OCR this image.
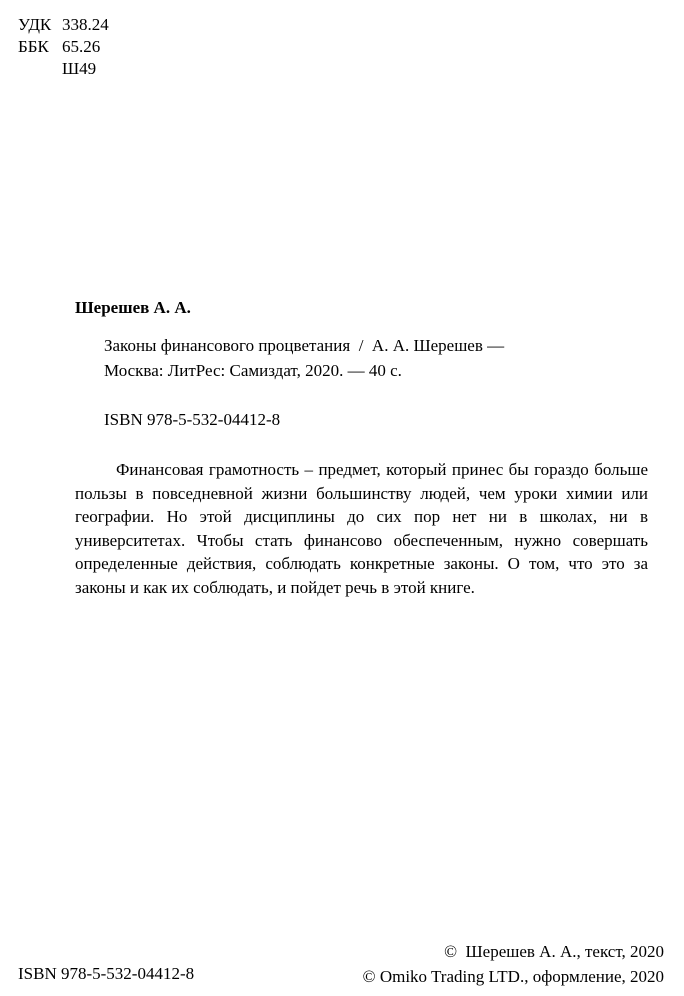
УДК 338.24
ББК 65.26
Ш49
Шерешев А. А.
Законы финансового процветания  /  А. А. Шерешев —
Москва: ЛитРес: Самиздат, 2020. — 40 с.
ISBN 978-5-532-04412-8

Финансовая грамотность – предмет, который принес бы гораздо больше пользы в повседневной жизни большинству людей, чем уроки химии или географии. Но этой дисциплины до сих пор нет ни в школах, ни в университетах. Чтобы стать финансово обеспеченным, нужно совершать определенные действия, соблюдать конкретные законы. О том, что это за законы и как их соблюдать, и пойдет речь в этой книге.

ISBN 978-5-532-04412-8
©  Шерешев А. А., текст, 2020
© Omiko Trading LTD., оформление, 2020
